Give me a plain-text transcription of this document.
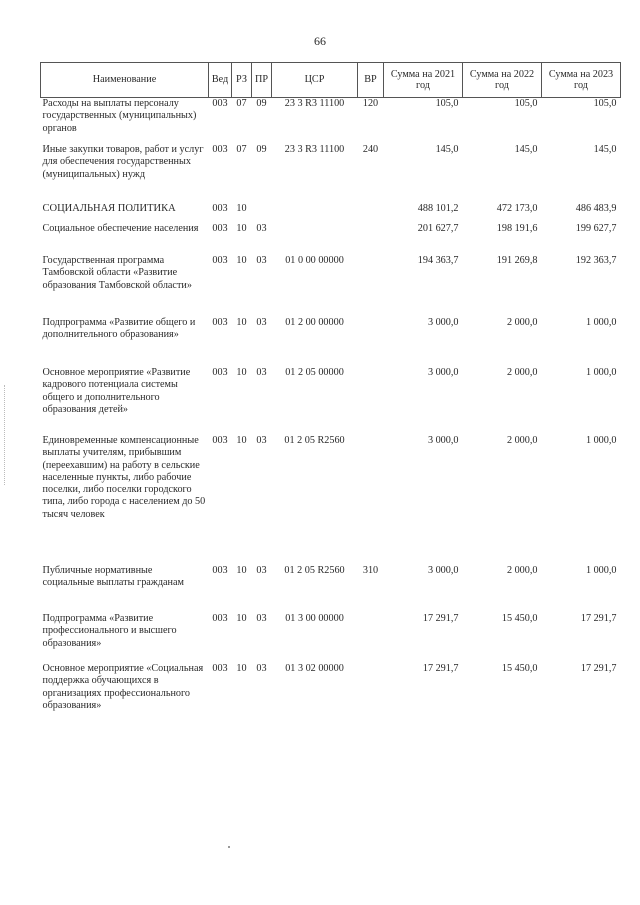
66
Наименование	Вед	РЗ	ПР	ЦСР	ВР	Сумма на 2021 год	Сумма на 2022 год	Сумма на 2023 год
Расходы на выплаты персоналу государственных (муниципальных) органов	003	07	09	23 3 R3 11100	120	105,0	105,0	105,0
Иные закупки товаров, работ и услуг для обеспечения государственных (муниципальных) нужд	003	07	09	23 3 R3 11100	240	145,0	145,0	145,0
СОЦИАЛЬНАЯ ПОЛИТИКА	003	10				488 101,2	472 173,0	486 483,9
Социальное обеспечение населения	003	10	03			201 627,7	198 191,6	199 627,7
Государственная программа Тамбовской области «Развитие образования Тамбовской области»	003	10	03	01 0 00 00000		194 363,7	191 269,8	192 363,7
Подпрограмма «Развитие общего и дополнительного образования»	003	10	03	01 2 00 00000		3 000,0	2 000,0	1 000,0
Основное мероприятие «Развитие кадрового потенциала системы общего и дополнительного образования детей»	003	10	03	01 2 05 00000		3 000,0	2 000,0	1 000,0
Единовременные компенсационные выплаты учителям, прибывшим (переехавшим) на работу в сельские населенные пункты, либо рабочие поселки, либо поселки городского типа, либо города с населением до 50 тысяч человек	003	10	03	01 2 05 R2560		3 000,0	2 000,0	1 000,0
Публичные нормативные социальные выплаты гражданам	003	10	03	01 2 05 R2560	310	3 000,0	2 000,0	1 000,0
Подпрограмма «Развитие профессионального и высшего образования»	003	10	03	01 3 00 00000		17 291,7	15 450,0	17 291,7
Основное мероприятие «Социальная поддержка обучающихся в организациях профессионального образования»	003	10	03	01 3 02 00000		17 291,7	15 450,0	17 291,7
